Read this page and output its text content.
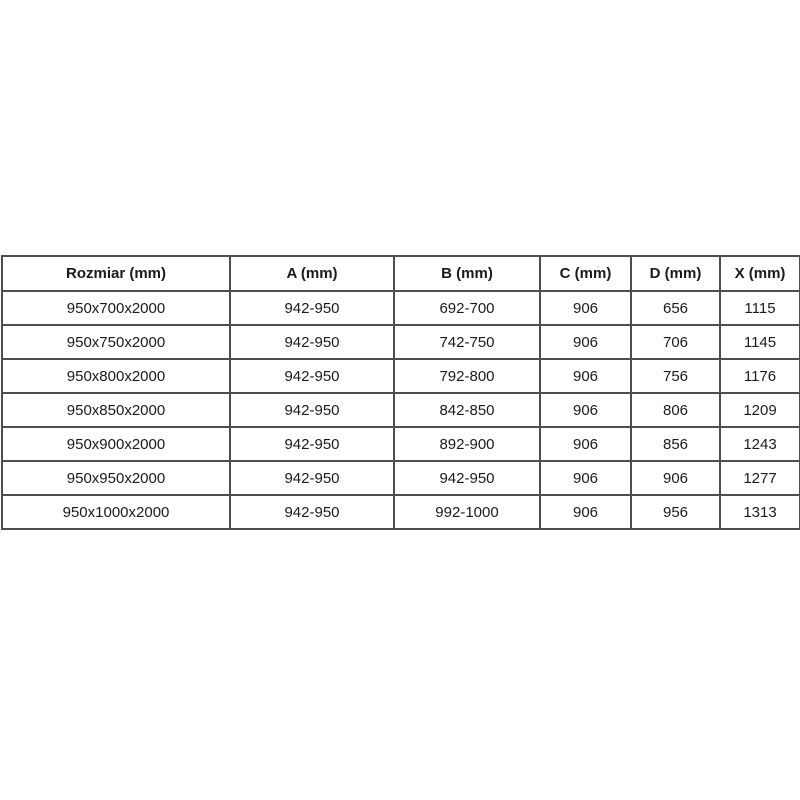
Rozmiar (mm)	A (mm)	B (mm)	C (mm)	D (mm)	X (mm)
950x700x2000	942-950	692-700	906	656	1115
950x750x2000	942-950	742-750	906	706	1145
950x800x2000	942-950	792-800	906	756	1176
950x850x2000	942-950	842-850	906	806	1209
950x900x2000	942-950	892-900	906	856	1243
950x950x2000	942-950	942-950	906	906	1277
950x1000x2000	942-950	992-1000	906	956	1313
